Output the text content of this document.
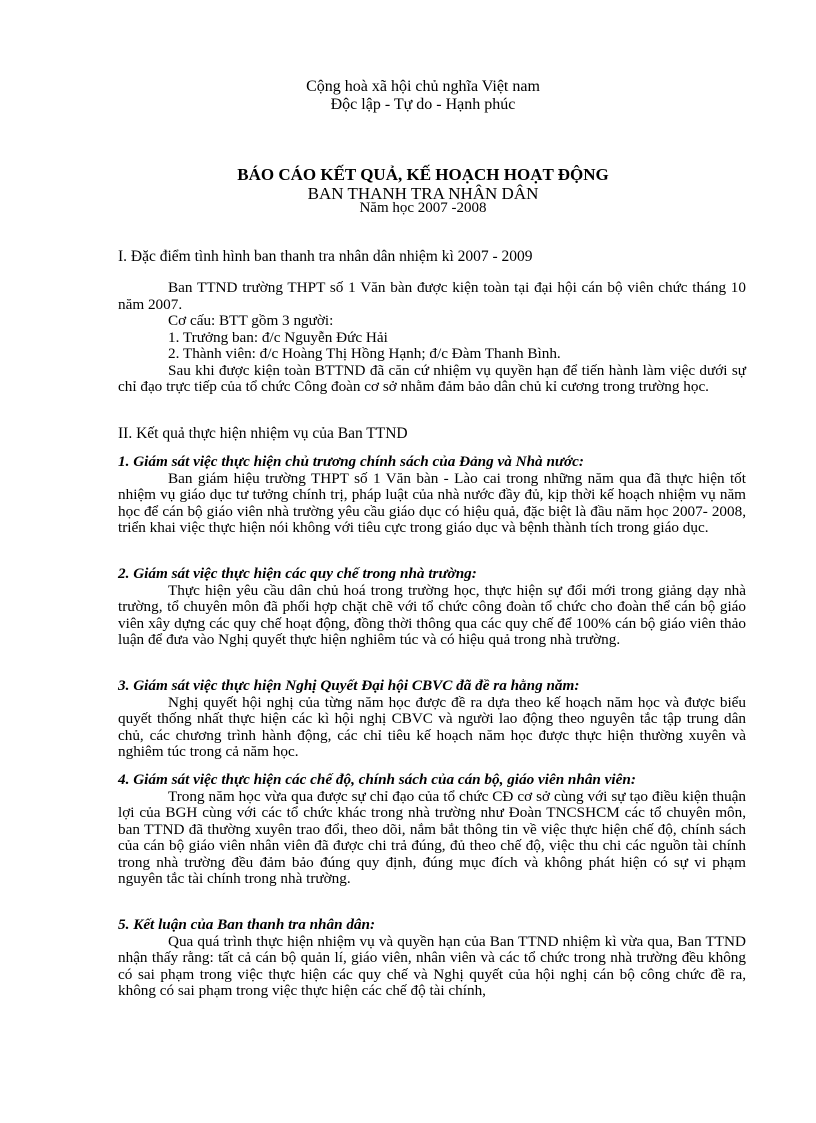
Cộng hoà xã hội chủ nghĩa Việt nam
Độc lập - Tự do - Hạnh phúc
BÁO CÁO KẾT QUẢ, KẾ HOẠCH HOẠT ĐỘNG
BAN THANH TRA NHÂN DÂN
Năm học 2007 -2008
I. Đặc điểm tình hình ban thanh tra nhân dân nhiệm kì 2007 - 2009

Ban TTND trường THPT số 1 Văn bàn được kiện toàn tại đại hội cán bộ viên chức tháng 10 năm 2007.

Cơ cấu: BTT gồm 3 người:

1. Trưởng ban: đ/c Nguyễn Đức Hải

2. Thành viên: đ/c Hoàng Thị Hồng Hạnh; đ/c Đàm Thanh Bình.

Sau khi được kiện toàn BTTND đã căn cứ nhiệm vụ quyền hạn để tiến hành làm việc dưới sự chỉ đạo trực tiếp của tổ chức Công đoàn cơ sở nhằm đảm bảo dân chủ kỉ cương trong trường học.

II. Kết quả thực hiện nhiệm vụ của Ban TTND

1. Giám sát việc thực hiện chủ trương chính sách của Đảng và Nhà nước:

Ban giám hiệu trường THPT số 1 Văn bàn - Lào cai trong những năm qua đã thực hiện tốt nhiệm vụ giáo dục tư tưởng chính trị, pháp luật của nhà nước đầy đủ, kịp thời kế hoạch nhiệm vụ năm học để cán bộ giáo viên nhà trường yêu cầu giáo dục có hiệu quả, đặc biệt là đầu năm học 2007- 2008, triển khai việc thực hiện nói không với tiêu cực trong giáo dục và bệnh thành tích trong giáo dục.

2. Giám sát việc thực hiện các quy chế trong nhà trường:

Thực hiện yêu cầu dân chủ hoá trong trường học, thực hiện sự đổi mới trong giảng dạy nhà trường, tổ chuyên môn đã phối hợp chặt chẽ với tổ chức công đoàn tổ chức cho đoàn thể cán bộ giáo viên xây dựng các quy chế hoạt động, đồng thời thông qua các quy chế để 100% cán bộ giáo viên thảo luận để đưa vào Nghị quyết thực hiện nghiêm túc và có hiệu quả trong nhà trường.

3. Giám sát việc thực hiện Nghị Quyết Đại hội CBVC đã đề ra hằng năm:

Nghị quyết hội nghị của từng năm học được đề ra dựa theo kế hoạch năm học và được biểu quyết thống nhất thực hiện các kì hội nghị CBVC và người lao động theo nguyên tắc tập trung dân chủ, các chương trình hành động, các chỉ tiêu kế hoạch năm học được thực hiện thường xuyên và nghiêm túc trong cả năm học.

4. Giám sát việc thực hiện các chế độ, chính sách của cán bộ, giáo viên nhân viên:

Trong năm học vừa qua được sự chỉ đạo của tổ chức CĐ cơ sở cùng với sự tạo điều kiện thuận lợi của BGH cùng với các tổ chức khác trong nhà trường như Đoàn TNCSHCM các tổ chuyên môn, ban TTND đã thường xuyên trao đổi, theo dõi, nắm bắt thông tin về việc thực hiện chế độ, chính sách của cán bộ giáo viên nhân viên đã được chi trả đúng, đủ theo chế độ, việc thu chi các nguồn tài chính trong nhà trường đều đảm bảo đúng quy định, đúng mục đích và không phát hiện có sự vi phạm nguyên tắc tài chính trong nhà trường.

5. Kết luận của Ban thanh tra nhân dân:

Qua quá trình thực hiện nhiệm vụ và quyền hạn của Ban TTND nhiệm kì vừa qua, Ban TTND nhận thấy rằng: tất cả cán bộ quản lí, giáo viên, nhân viên và các tổ chức trong nhà trường đều không có sai phạm trong việc thực hiện các quy chế và Nghị quyết của hội nghị cán bộ công chức đề ra, không có sai phạm trong việc thực hiện các chế độ tài chính,
